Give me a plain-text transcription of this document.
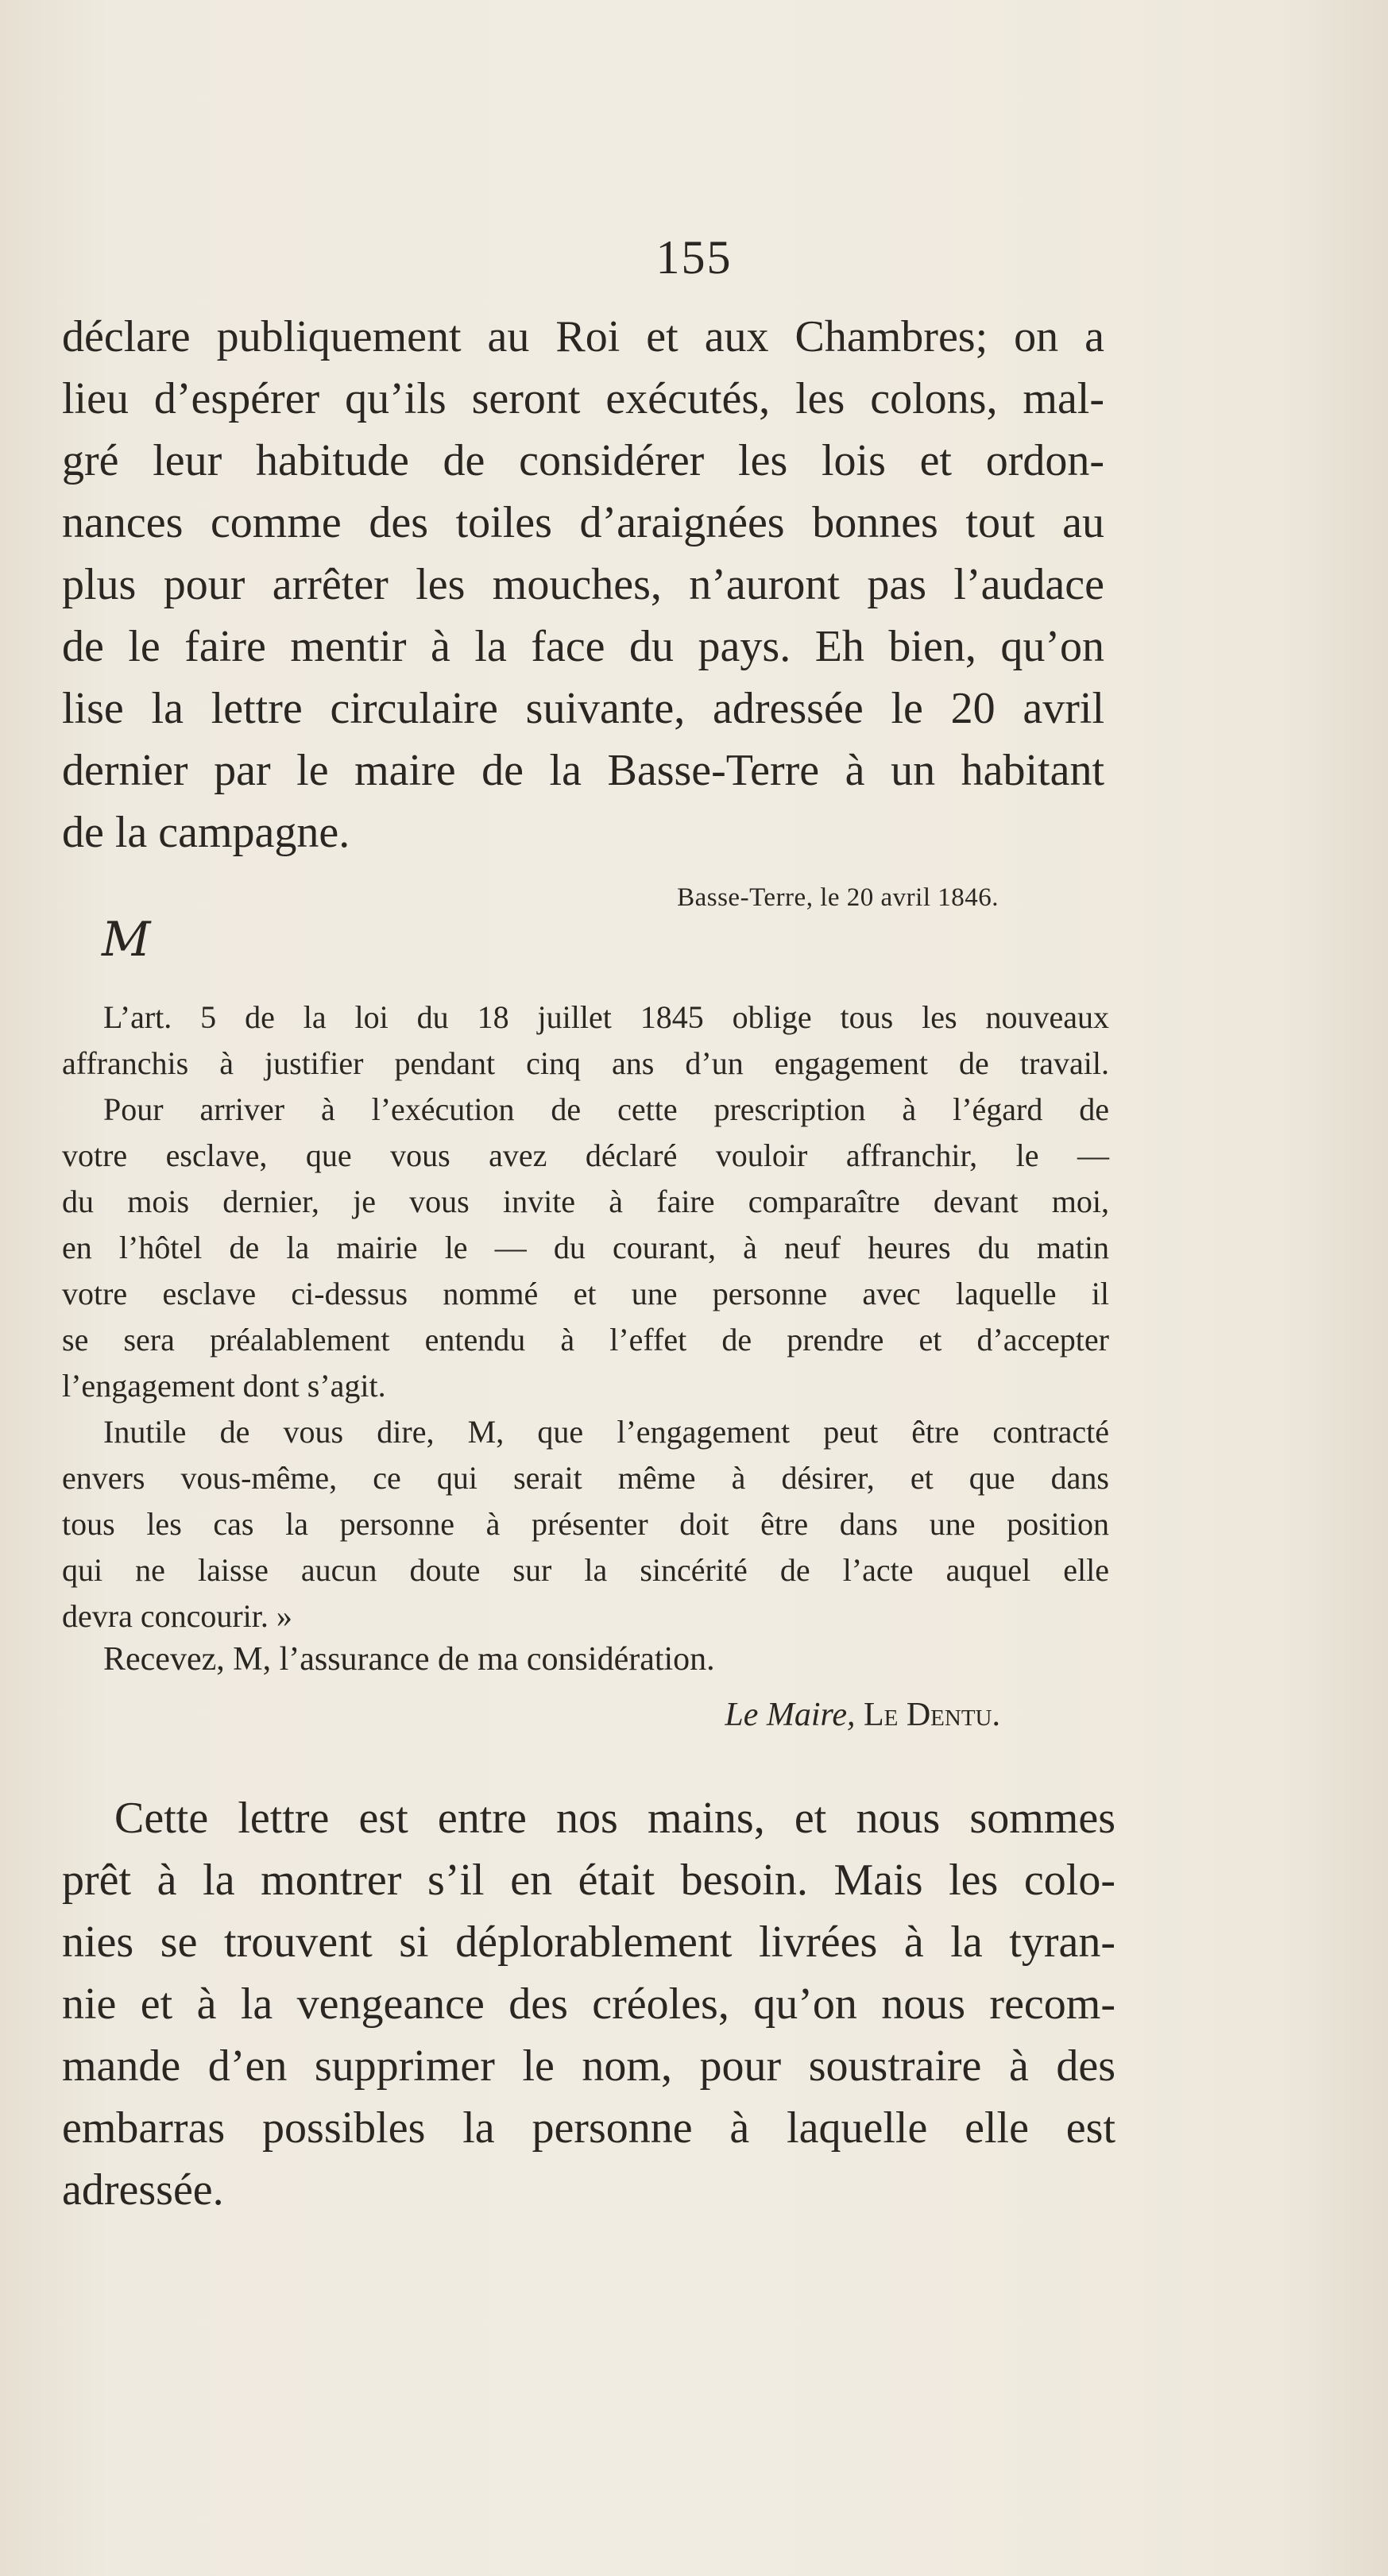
155
déclare publiquement au Roi et aux Chambres; on a
lieu d’espérer qu’ils seront exécutés, les colons, mal-
gré leur habitude de considérer les lois et ordon-
nances comme des toiles d’araignées bonnes tout au
plus pour arrêter les mouches, n’auront pas l’audace
de le faire mentir à la face du pays. Eh bien, qu’on
lise la lettre circulaire suivante, adressée le 20 avril
dernier par le maire de la Basse-Terre à un habitant
de la campagne.
Basse-Terre, le 20 avril 1846.
M
L’art. 5 de la loi du 18 juillet 1845 oblige tous les nouveaux
affranchis à justifier pendant cinq ans d’un engagement de travail.
Pour arriver à l’exécution de cette prescription à l’égard de
votre esclave, que vous avez déclaré vouloir affranchir, le —
du mois dernier, je vous invite à faire comparaître devant moi,
en l’hôtel de la mairie le — du courant, à neuf heures du matin
votre esclave ci-dessus nommé et une personne avec laquelle il
se sera préalablement entendu à l’effet de prendre et d’accepter
l’engagement dont s’agit.
Inutile de vous dire, M, que l’engagement peut être contracté
envers vous-même, ce qui serait même à désirer, et que dans
tous les cas la personne à présenter doit être dans une position
qui ne laisse aucun doute sur la sincérité de l’acte auquel elle
devra concourir. »
Recevez, M, l’assurance de ma considération.
Le Maire, Le Dentu.
Cette lettre est entre nos mains, et nous sommes
prêt à la montrer s’il en était besoin. Mais les colo-
nies se trouvent si déplorablement livrées à la tyran-
nie et à la vengeance des créoles, qu’on nous recom-
mande d’en supprimer le nom, pour soustraire à des
embarras possibles la personne à laquelle elle est
adressée.
